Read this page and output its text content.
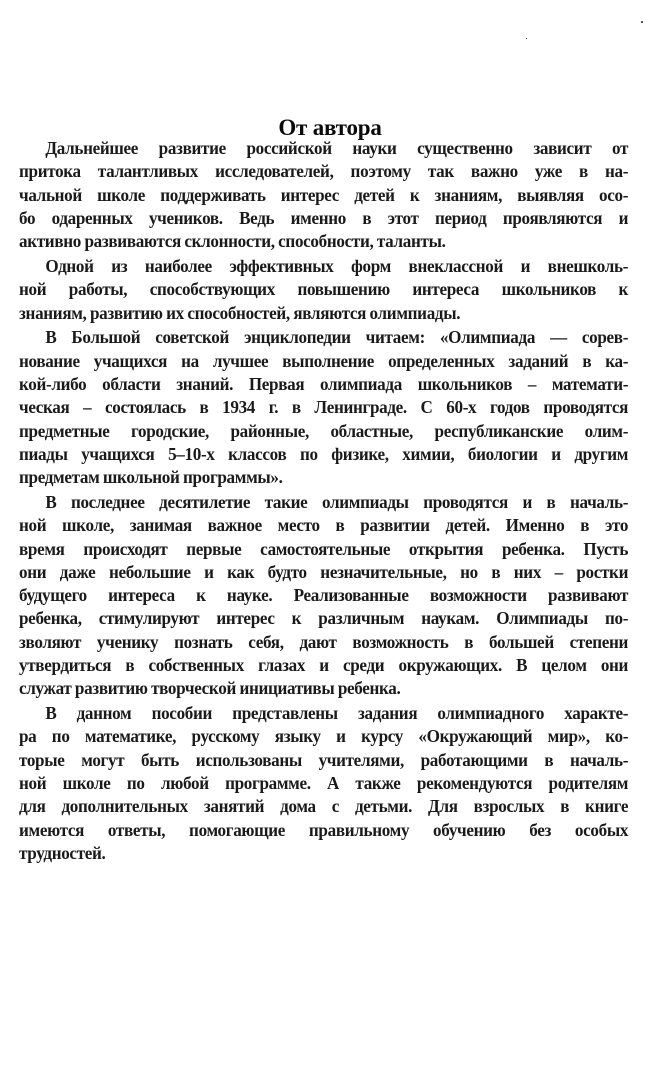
От автора

Дальнейшее развитие российской науки существенно зависит от
притока талантливых исследователей, поэтому так важно уже в на-
чальной школе поддерживать интерес детей к знаниям, выявляя осо-
бо одаренных учеников. Ведь именно в этот период проявляются и
активно развиваются склонности, способности, таланты.

Одной из наиболее эффективных форм внеклассной и внешколь-
ной работы, способствующих повышению интереса школьников к
знаниям, развитию их способностей, являются олимпиады.

В Большой советской энциклопедии читаем: «Олимпиада — сорев-
нование учащихся на лучшее выполнение определенных заданий в ка-
кой-либо области знаний. Первая олимпиада школьников – математи-
ческая – состоялась в 1934 г. в Ленинграде. С 60-х годов проводятся
предметные городские, районные, областные, республиканские олим-
пиады учащихся 5–10-х классов по физике, химии, биологии и другим
предметам школьной программы».

В последнее десятилетие такие олимпиады проводятся и в началь-
ной школе, занимая важное место в развитии детей. Именно в это
время происходят первые самостоятельные открытия ребенка. Пусть
они даже небольшие и как будто незначительные, но в них – ростки
будущего интереса к науке. Реализованные возможности развивают
ребенка, стимулируют интерес к различным наукам. Олимпиады по-
зволяют ученику познать себя, дают возможность в большей степени
утвердиться в собственных глазах и среди окружающих. В целом они
служат развитию творческой инициативы ребенка.

В данном пособии представлены задания олимпиадного характе-
ра по математике, русскому языку и курсу «Окружающий мир», ко-
торые могут быть использованы учителями, работающими в началь-
ной школе по любой программе. А также рекомендуются родителям
для дополнительных занятий дома с детьми. Для взрослых в книге
имеются ответы, помогающие правильному обучению без особых
трудностей.
